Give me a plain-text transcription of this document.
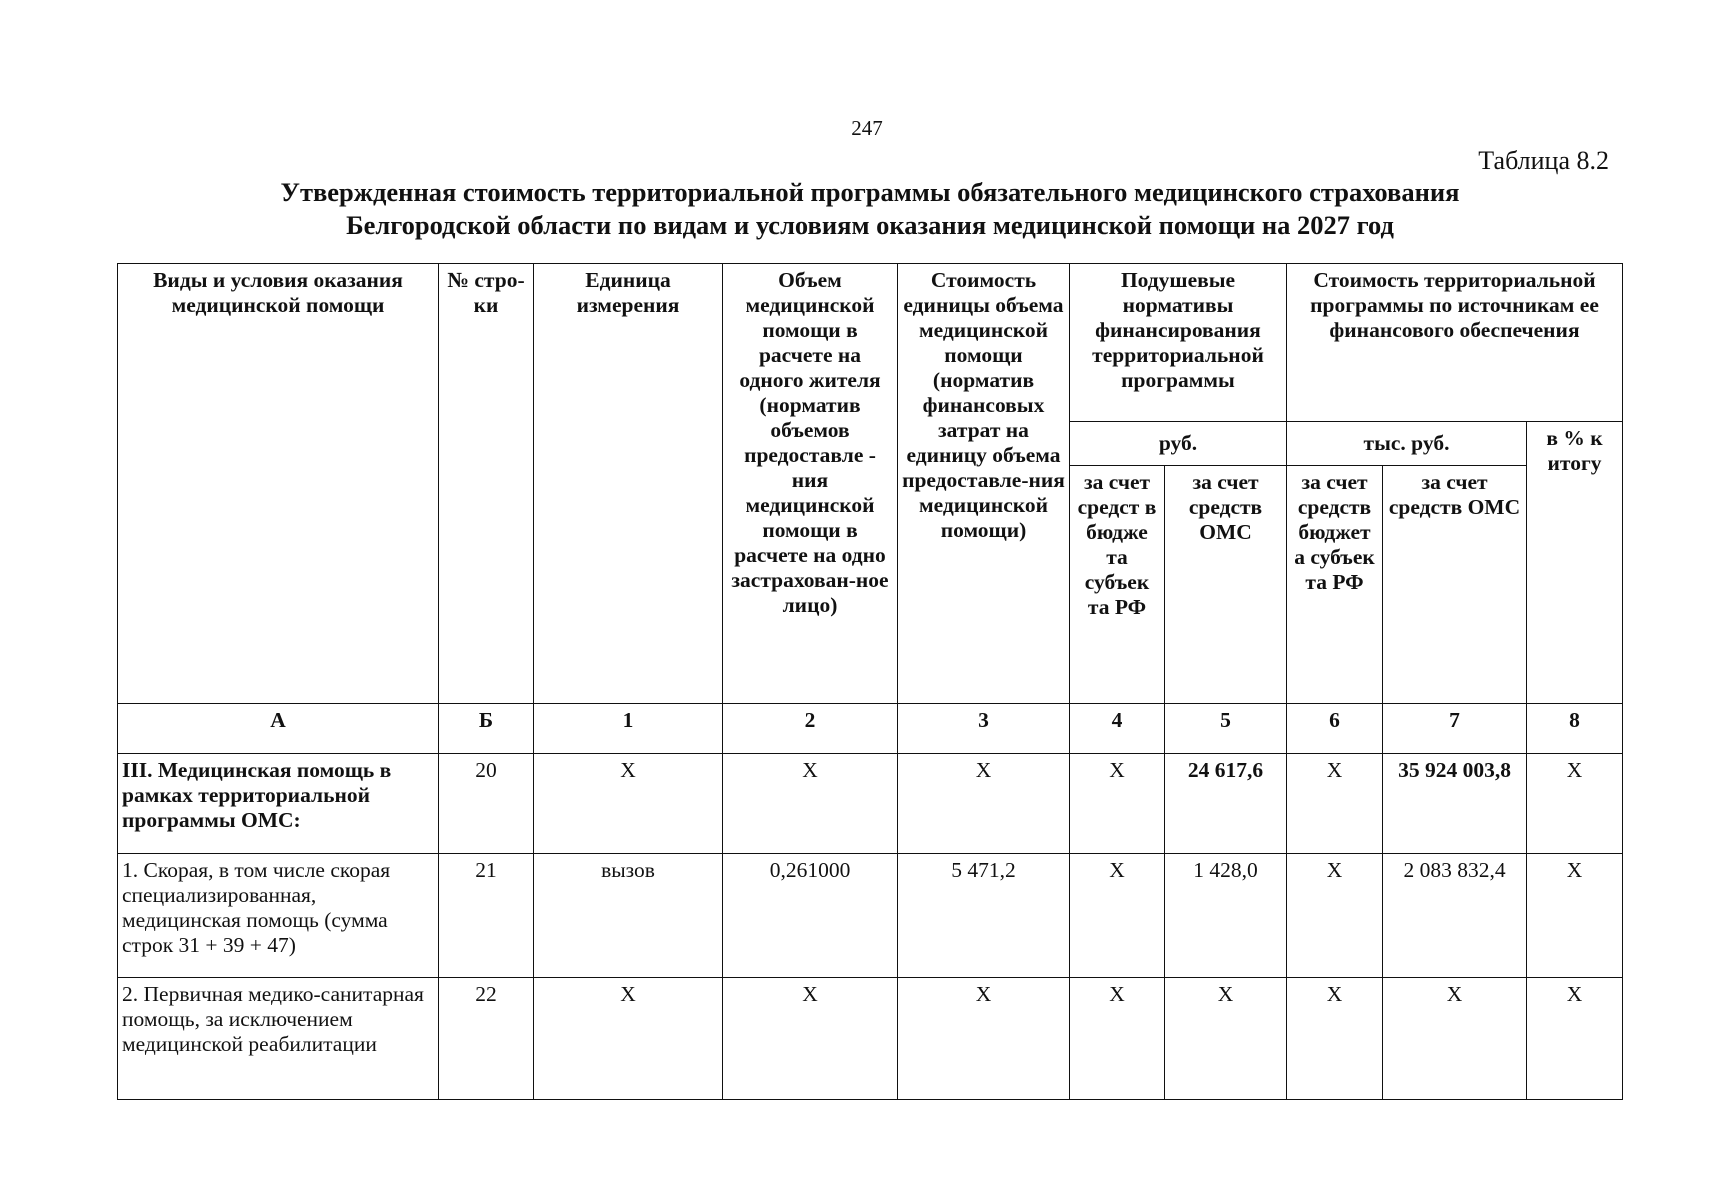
247
Таблица 8.2
Утвержденная стоимость территориальной программы обязательного медицинского страхования
Белгородской области по видам и условиям оказания медицинской помощи на 2027 год
Виды и условия оказания медицинской помощи	№ стро-ки	Единица измерения	Объем медицинской помощи в расчете на одного жителя (норматив объемов предоставле - ния медицинской помощи в расчете на одно застрахован-ное лицо)	Стоимость единицы объема медицинской помощи (норматив финансовых затрат на единицу объема предоставле-ния медицинской помощи)	Подушевые нормативы финансирования территориальной программы		Стоимость территориальной программы по источникам ее финансового обеспечения		
					руб.		тыс. руб.		в % к итогу
					за счет средст в бюдже та субъек та РФ	за счет средств ОМС	за счет средств бюджет а субъек та РФ	за счет средств ОМС	
А	Б	1	2	3	4	5	6	7	8
III. Медицинская помощь в рамках территориальной программы ОМС:	20	Х	Х	Х	Х	24 617,6	Х	35 924 003,8	Х
1. Скорая, в том числе скорая специализированная, медицинская помощь (сумма строк 31 + 39 + 47)	21	вызов	0,261000	5 471,2	Х	1 428,0	Х	2 083 832,4	Х
2. Первичная медико-санитарная помощь, за исключением медицинской реабилитации	22	Х	Х	Х	Х	Х	Х	Х	Х
